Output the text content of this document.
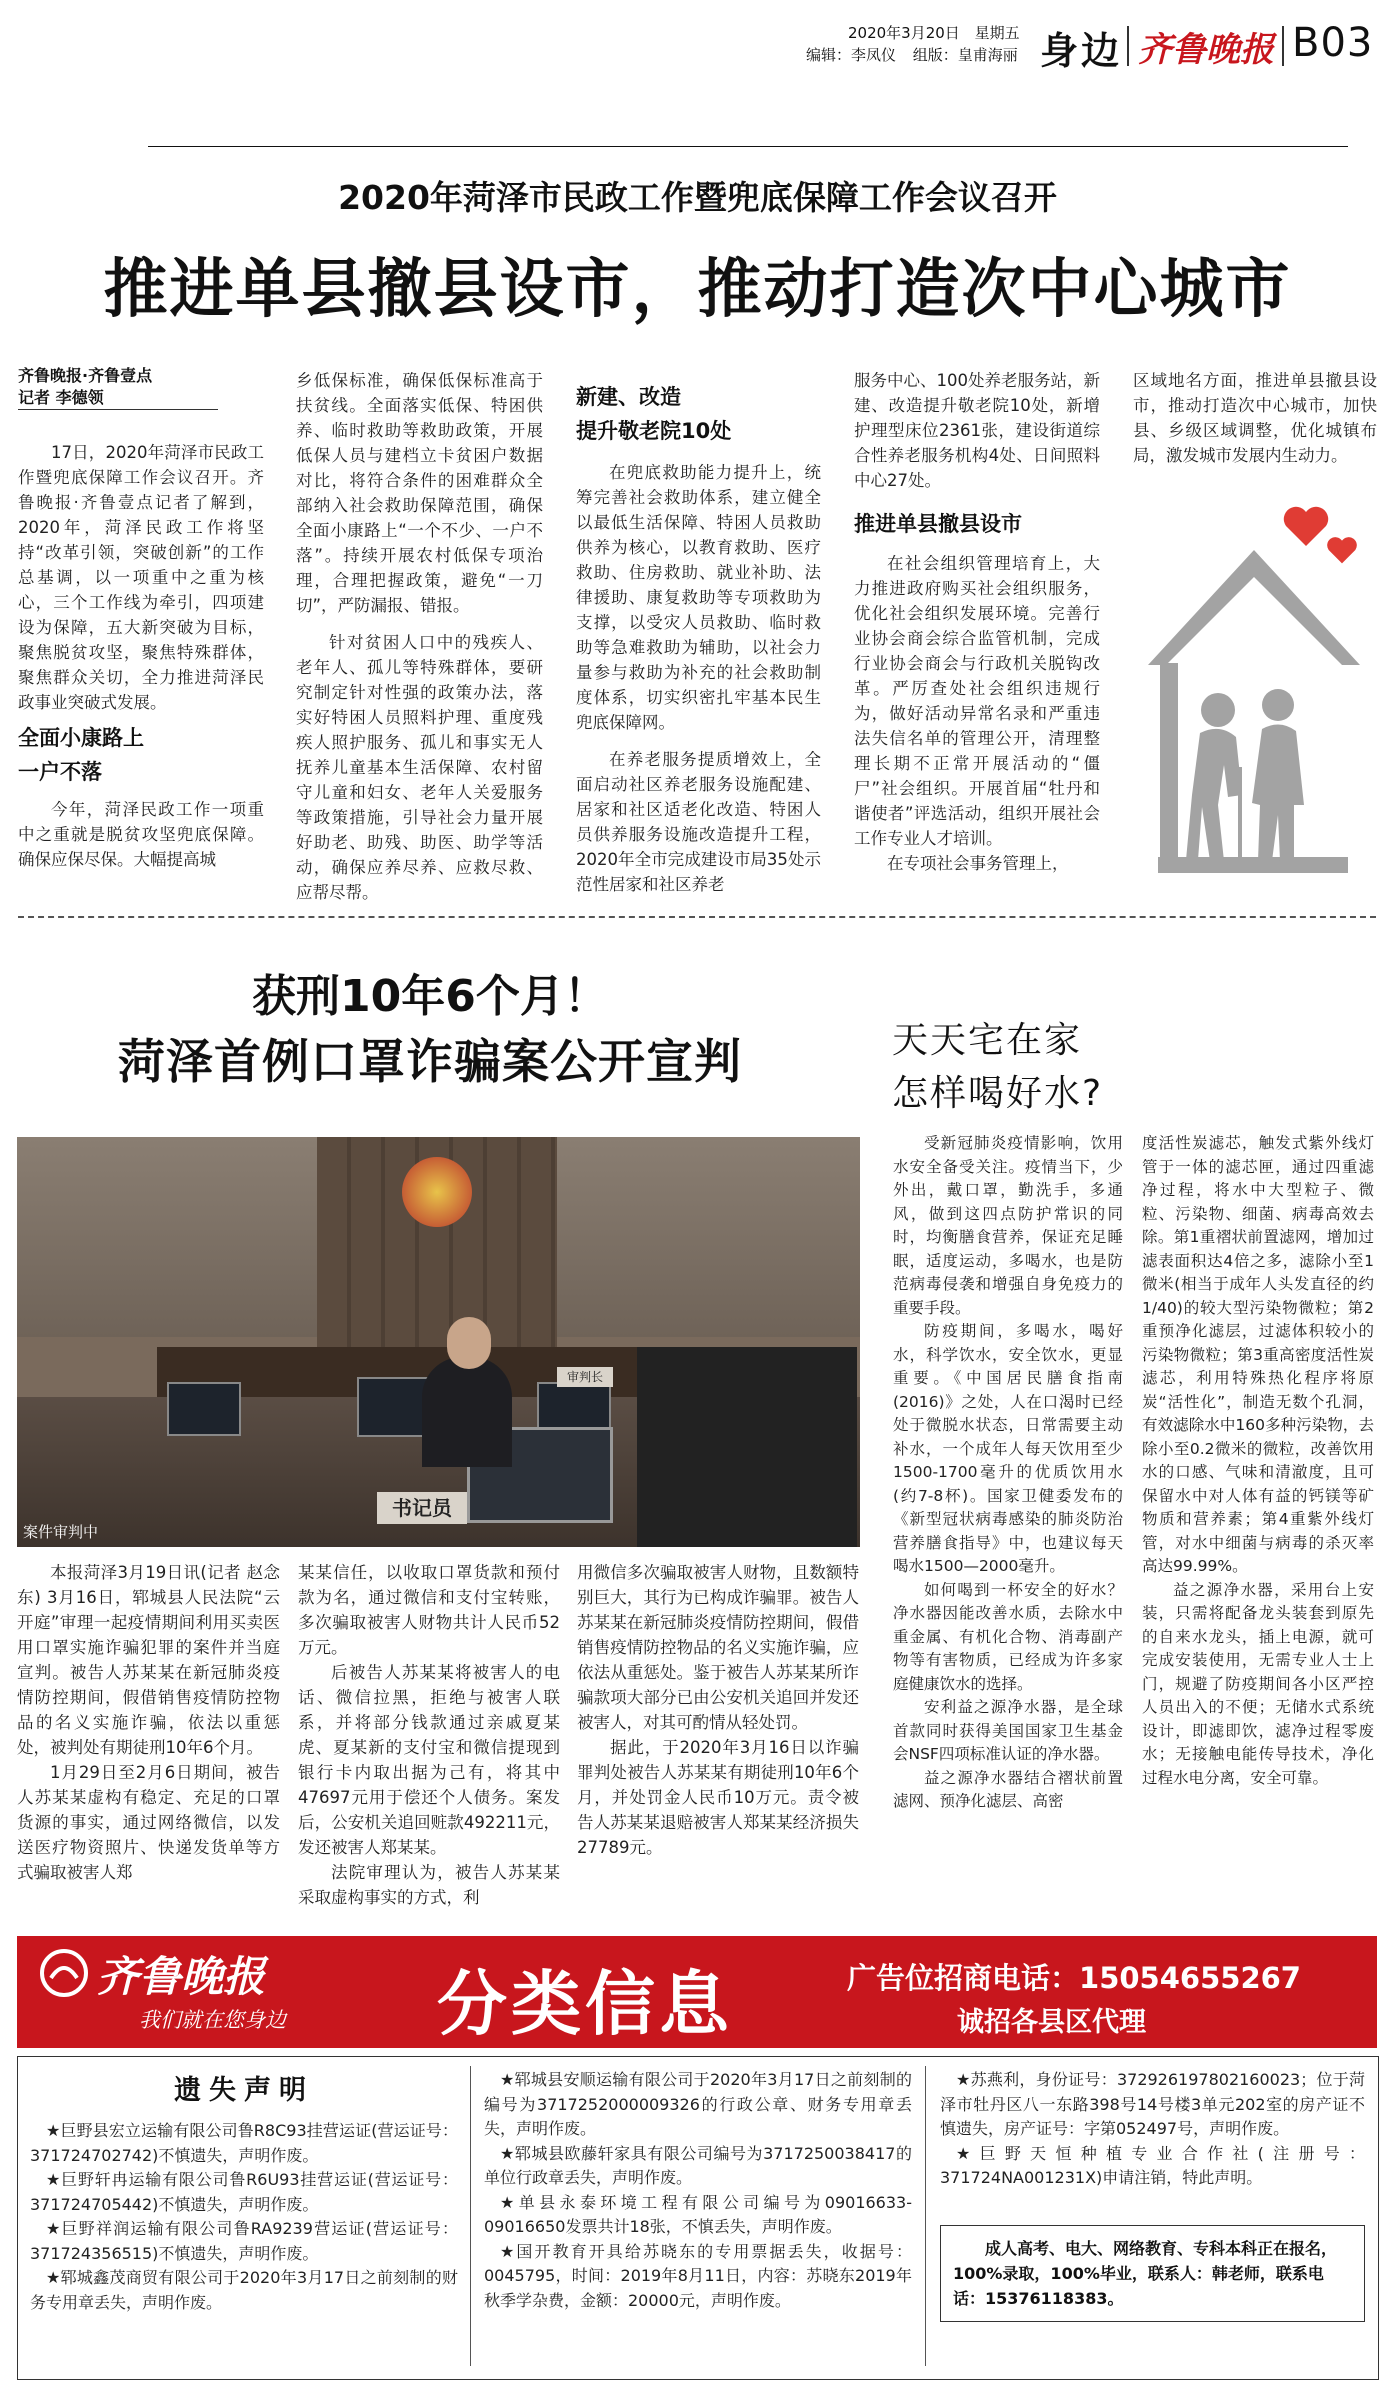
2020年3月20日 星期五
编辑：李凤仪 组版：皇甫海丽 身边 齐鲁晚报 B03
2020年菏泽市民政工作暨兜底保障工作会议召开
推进单县撤县设市，推动打造次中心城市
齐鲁晚报·齐鲁壹点
记者 李德领

17日，2020年菏泽市民政工作暨兜底保障工作会议召开。齐鲁晚报·齐鲁壹点记者了解到，2020年，菏泽民政工作将坚持“改革引领，突破创新”的工作总基调，以一项重中之重为核心，三个工作线为牵引，四项建设为保障，五大新突破为目标，聚焦脱贫攻坚，聚焦特殊群体，聚焦群众关切，全力推进菏泽民政事业突破式发展。

全面小康路上
一户不落

今年，菏泽民政工作一项重中之重就是脱贫攻坚兜底保障。确保应保尽保。大幅提高城

乡低保标准，确保低保标准高于扶贫线。全面落实低保、特困供养、临时救助等救助政策，开展低保人员与建档立卡贫困户数据对比，将符合条件的困难群众全部纳入社会救助保障范围，确保全面小康路上“一个不少、一户不落”。持续开展农村低保专项治理，合理把握政策，避免“一刀切”，严防漏报、错报。

针对贫困人口中的残疾人、老年人、孤儿等特殊群体，要研究制定针对性强的政策办法，落实好特困人员照料护理、重度残疾人照护服务、孤儿和事实无人抚养儿童基本生活保障、农村留守儿童和妇女、老年人关爱服务等政策措施，引导社会力量开展好助老、助残、助医、助学等活动，确保应养尽养、应救尽救、应帮尽帮。

新建、改造
提升敬老院10处

在兜底救助能力提升上，统筹完善社会救助体系，建立健全以最低生活保障、特困人员救助供养为核心，以教育救助、医疗救助、住房救助、就业补助、法律援助、康复救助等专项救助为支撑，以受灾人员救助、临时救助等急难救助为辅助，以社会力量参与救助为补充的社会救助制度体系，切实织密扎牢基本民生兜底保障网。

在养老服务提质增效上，全面启动社区养老服务设施配建、居家和社区适老化改造、特困人员供养服务设施改造提升工程，2020年全市完成建设市局35处示范性居家和社区养老

服务中心、100处养老服务站，新建、改造提升敬老院10处，新增护理型床位2361张，建设街道综合性养老服务机构4处、日间照料中心27处。

推进单县撤县设市

在社会组织管理培育上，大力推进政府购买社会组织服务，优化社会组织发展环境。完善行业协会商会综合监管机制，完成行业协会商会与行政机关脱钩改革。严厉查处社会组织违规行为，做好活动异常名录和严重违法失信名单的管理公开，清理整理长期不正常开展活动的“僵尸”社会组织。开展首届“牡丹和谐使者”评选活动，组织开展社会工作专业人才培训。

在专项社会事务管理上，

区域地名方面，推进单县撤县设市，推动打造次中心城市，加快县、乡级区域调整，优化城镇布局，激发城市发展内生动力。

获刑10年6个月！
菏泽首例口罩诈骗案公开宣判
书记员
审判长
案件审判中

本报菏泽3月19日讯(记者 赵念东) 3月16日，郓城县人民法院“云开庭”审理一起疫情期间利用买卖医用口罩实施诈骗犯罪的案件并当庭宣判。被告人苏某某在新冠肺炎疫情防控期间，假借销售疫情防控物品的名义实施诈骗，依法以重惩处，被判处有期徒刑10年6个月。

1月29日至2月6日期间，被告人苏某某虚构有稳定、充足的口罩货源的事实，通过网络微信，以发送医疗物资照片、快递发货单等方式骗取被害人郑

某某信任，以收取口罩货款和预付款为名，通过微信和支付宝转账，多次骗取被害人财物共计人民币52万元。

后被告人苏某某将被害人的电话、微信拉黑，拒绝与被害人联系，并将部分钱款通过亲戚夏某虎、夏某新的支付宝和微信提现到银行卡内取出据为己有，将其中47697元用于偿还个人债务。案发后，公安机关追回赃款492211元，发还被害人郑某某。

法院审理认为，被告人苏某某采取虚构事实的方式，利

用微信多次骗取被害人财物，且数额特别巨大，其行为已构成诈骗罪。被告人苏某某在新冠肺炎疫情防控期间，假借销售疫情防控物品的名义实施诈骗，应依法从重惩处。鉴于被告人苏某某所诈骗款项大部分已由公安机关追回并发还被害人，对其可酌情从轻处罚。

据此，于2020年3月16日以诈骗罪判处被告人苏某某有期徒刑10年6个月，并处罚金人民币10万元。责令被告人苏某某退赔被害人郑某某经济损失27789元。

天天宅在家
怎样喝好水?

受新冠肺炎疫情影响，饮用水安全备受关注。疫情当下，少外出，戴口罩，勤洗手，多通风，做到这四点防护常识的同时，均衡膳食营养，保证充足睡眠，适度运动，多喝水，也是防范病毒侵袭和增强自身免疫力的重要手段。

防疫期间，多喝水，喝好水，科学饮水，安全饮水，更显重要。《中国居民膳食指南(2016)》之处，人在口渴时已经处于微脱水状态，日常需要主动补水，一个成年人每天饮用至少1500-1700毫升的优质饮用水(约7-8杯)。国家卫健委发布的《新型冠状病毒感染的肺炎防治营养膳食指导》中，也建议每天喝水1500—2000毫升。

如何喝到一杯安全的好水？净水器因能改善水质，去除水中重金属、有机化合物、消毒副产物等有害物质，已经成为许多家庭健康饮水的选择。

安利益之源净水器，是全球首款同时获得美国国家卫生基金会NSF四项标准认证的净水器。

益之源净水器结合褶状前置滤网、预净化滤层、高密

度活性炭滤芯，触发式紫外线灯管于一体的滤芯匣，通过四重滤净过程，将水中大型粒子、微粒、污染物、细菌、病毒高效去除。第1重褶状前置滤网，增加过滤表面积达4倍之多，滤除小至1微米(相当于成年人头发直径的约1/40)的较大型污染物微粒；第2重预净化滤层，过滤体积较小的污染物微粒；第3重高密度活性炭滤芯，利用特殊热化程序将原炭“活性化”，制造无数个孔洞，有效滤除水中160多种污染物，去除小至0.2微米的微粒，改善饮用水的口感、气味和清澈度，且可保留水中对人体有益的钙镁等矿物质和营养素；第4重紫外线灯管，对水中细菌与病毒的杀灭率高达99.99%。

益之源净水器，采用台上安装，只需将配备龙头装套到原先的自来水龙头，插上电源，就可完成安装使用，无需专业人士上门，规避了防疫期间各小区严控人员出入的不便；无储水式系统设计，即滤即饮，滤净过程零废水；无接触电能传导技术，净化过程水电分离，安全可靠。

齐鲁晚报
我们就在您身边 分类信息	广告位招商电话：15054655267
诚招各县区代理
遗失声明

★巨野县宏立运输有限公司鲁R8C93挂营运证(营运证号：371724702742)不慎遗失，声明作废。

★巨野轩冉运输有限公司鲁R6U93挂营运证(营运证号：371724705442)不慎遗失，声明作废。

★巨野祥润运输有限公司鲁RA9239营运证(营运证号：371724356515)不慎遗失，声明作废。

★郓城鑫茂商贸有限公司于2020年3月17日之前刻制的财务专用章丢失，声明作废。

★郓城县安顺运输有限公司于2020年3月17日之前刻制的编号为3717252000009326的行政公章、财务专用章丢失，声明作废。

★郓城县欧藤轩家具有限公司编号为3717250038417的单位行政章丢失，声明作废。

★单县永泰环境工程有限公司编号为09016633-09016650发票共计18张，不慎丢失，声明作废。

★国开教育开具给苏晓东的专用票据丢失，收据号：0045795，时间：2019年8月11日，内容：苏晓东2019年秋季学杂费，金额：20000元，声明作废。

★苏燕利，身份证号：372926197802160023；位于菏泽市牡丹区八一东路398号14号楼3单元202室的房产证不慎遗失，房产证号：字第052497号，声明作废。

★巨野天恒种植专业合作社(注册号：371724NA001231X)申请注销，特此声明。

成人高考、电大、网络教育、专科本科正在报名，100%录取，100%毕业，联系人：韩老师，联系电话：15376118383。
